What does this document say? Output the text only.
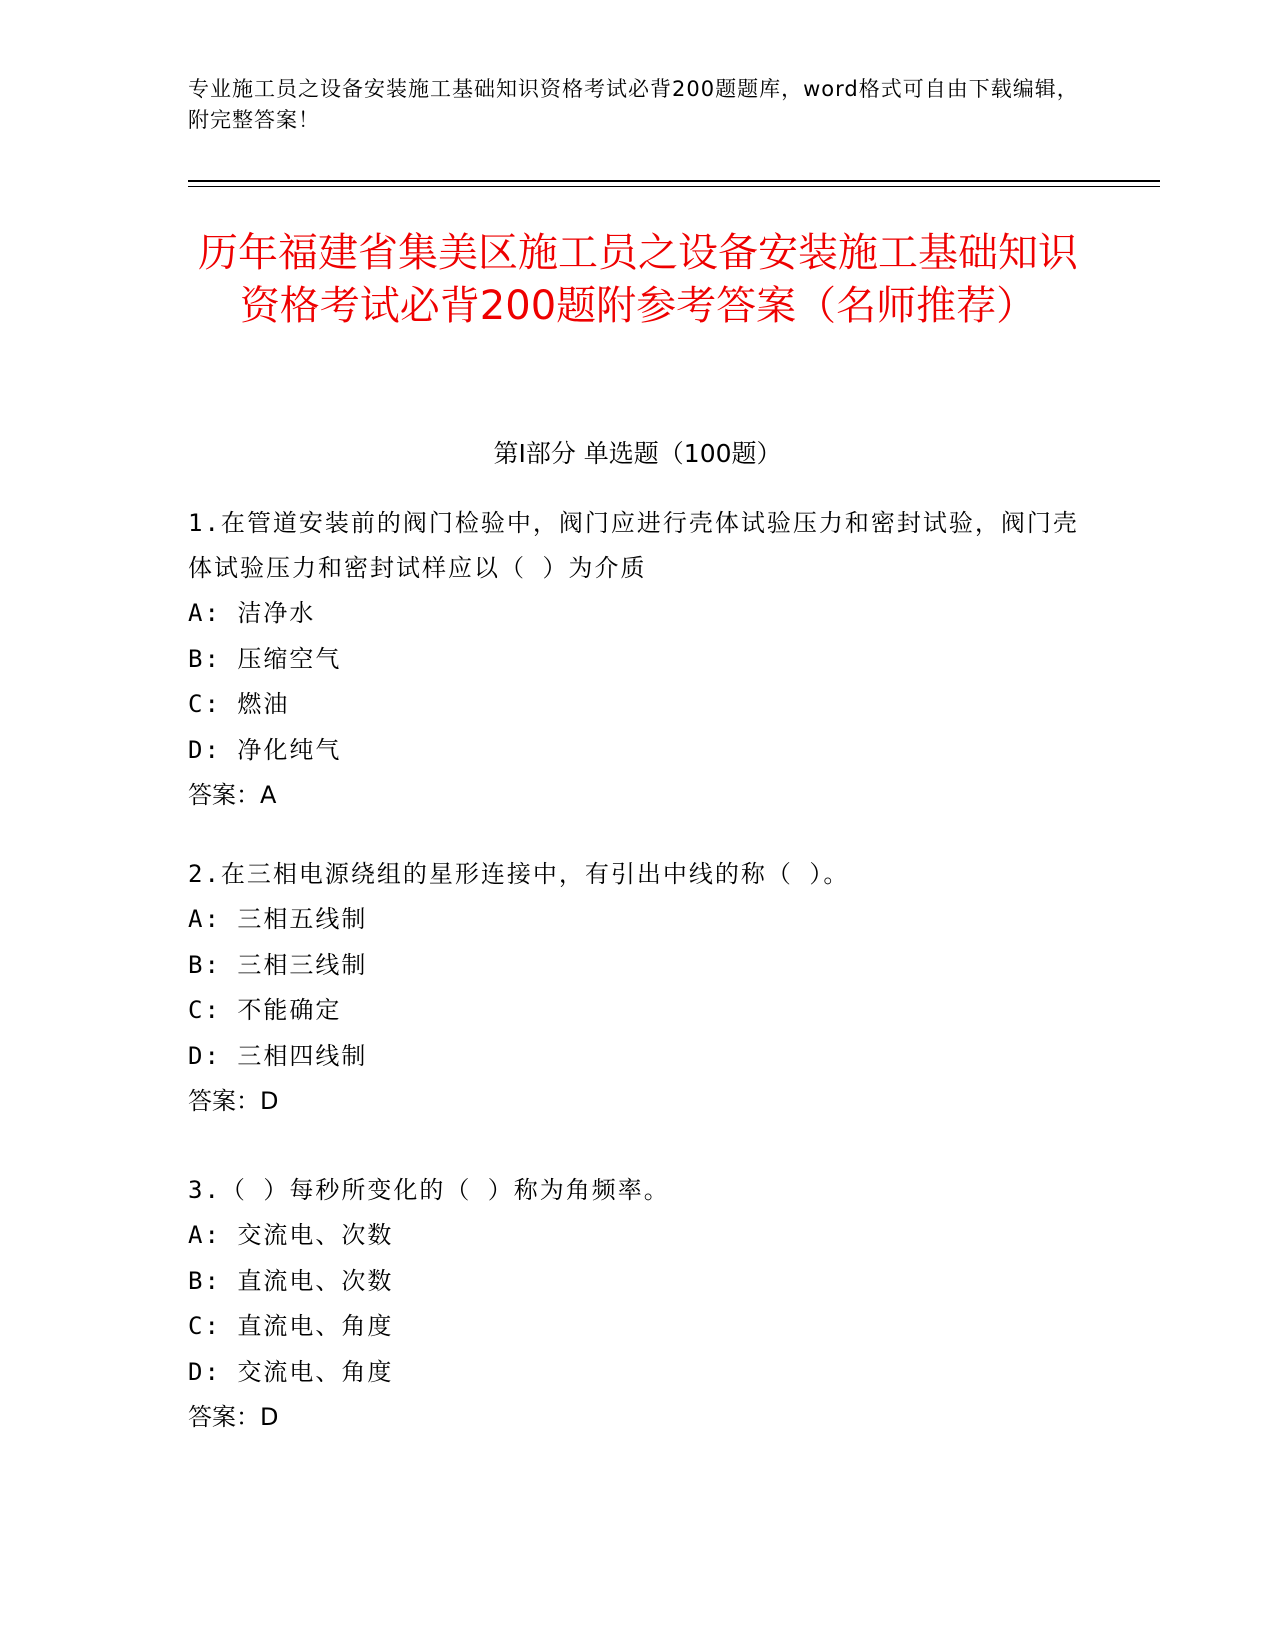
专业施工员之设备安装施工基础知识资格考试必背200题题库，word格式可自由下载编辑，附完整答案！
历年福建省集美区施工员之设备安装施工基础知识资格考试必背200题附参考答案（名师推荐）
第Ⅰ部分 单选题（100题）
1.在管道安装前的阀门检验中，阀门应进行壳体试验压力和密封试验，阀门壳体试验压力和密封试样应以（ ）为介质
A: 洁净水
B: 压缩空气
C: 燃油
D: 净化纯气
答案：A
2.在三相电源绕组的星形连接中，有引出中线的称（ ）。
A: 三相五线制
B: 三相三线制
C: 不能确定
D: 三相四线制
答案：D
3.（ ）每秒所变化的（ ）称为角频率。
A: 交流电、次数
B: 直流电、次数
C: 直流电、角度
D: 交流电、角度
答案：D
